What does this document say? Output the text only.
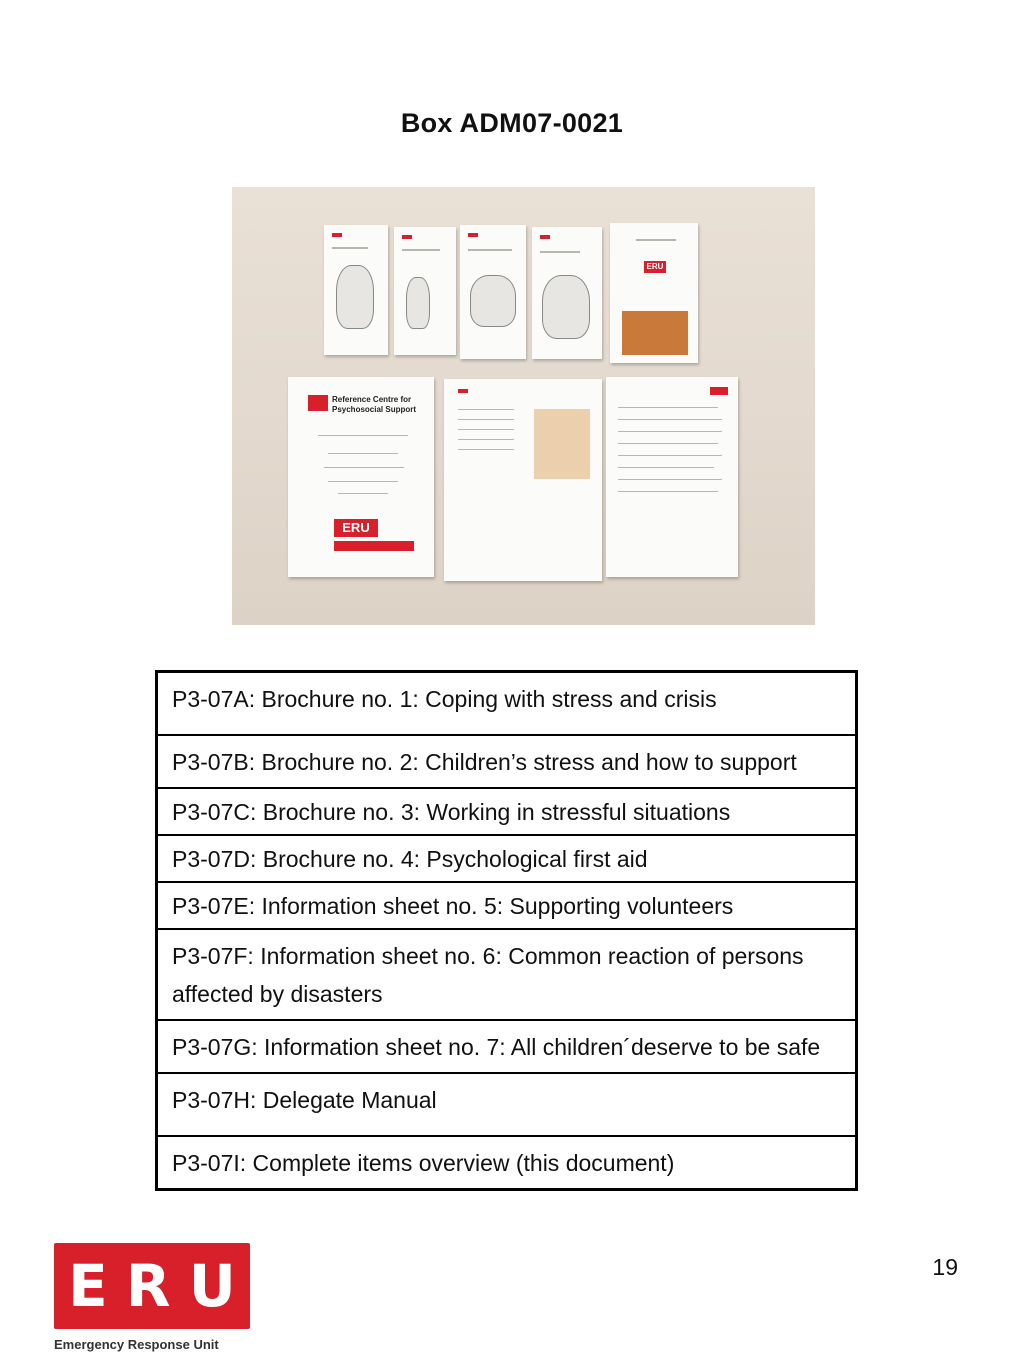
Box ADM07-0021
ERU
Reference Centre for
Psychosocial Support
ERU
P3-07A: Brochure no. 1: Coping with stress and crisis
P3-07B: Brochure no. 2: Children’s stress and how to support
P3-07C: Brochure no. 3: Working in stressful situations
P3-07D: Brochure no. 4: Psychological first aid
P3-07E: Information sheet no. 5: Supporting volunteers
P3-07F: Information sheet no. 6: Common reaction of persons affected by disasters
P3-07G: Information sheet no. 7: All children´deserve to be safe
P3-07H: Delegate Manual
P3-07I: Complete items overview (this document)
19
E R U
Emergency Response Unit
